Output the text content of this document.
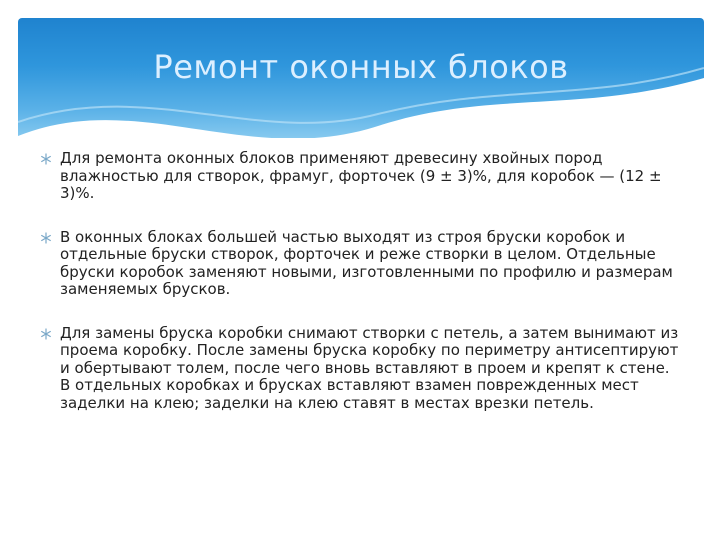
Ремонт оконных блоков

Для ремонта оконных блоков применяют древесину хвойных пород влажностью для створок, фрамуг, форточек (9 ± 3)%, для коробок — (12 ± 3)%.

В оконных блоках большей частью выходят из строя бруски коробок и отдельные бруски створок, форточек и реже створки в целом. Отдельные бруски коробок заменяют новыми, изготовленными по профилю и размерам заменяемых брусков.

Для замены бруска коробки снимают створки с петель, а затем вынимают из проема коробку. После замены бруска коробку по периметру антисептируют и обертывают толем, после чего вновь вставляют в проем и крепят к стене. В отдельных коробках и брусках вставляют взамен поврежденных мест заделки на клею; заделки на клею ставят в местах врезки петель.
